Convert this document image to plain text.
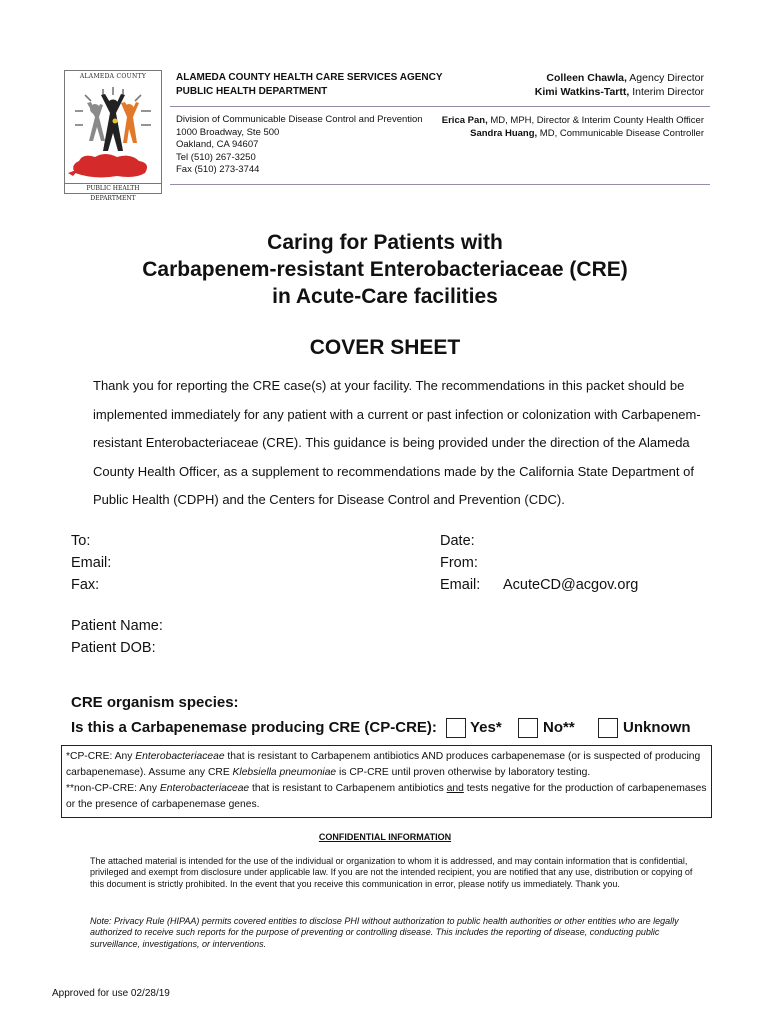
ALAMEDA COUNTY
PUBLIC HEALTH DEPARTMENT
ALAMEDA COUNTY HEALTH CARE SERVICES AGENCY
PUBLIC HEALTH DEPARTMENT
Colleen Chawla, Agency Director
Kimi Watkins-Tartt, Interim Director
Division of Communicable Disease Control and Prevention
1000 Broadway, Ste 500
Oakland, CA 94607
Tel (510) 267-3250
Fax (510) 273-3744
Erica Pan, MD, MPH, Director & Interim County Health Officer
Sandra Huang, MD, Communicable Disease Controller
Caring for Patients with
Carbapenem-resistant Enterobacteriaceae (CRE)
in Acute-Care facilities
COVER SHEET
Thank you for reporting the CRE case(s) at your facility. The recommendations in this packet should be implemented immediately for any patient with a current or past infection or colonization with Carbapenem-resistant Enterobacteriaceae (CRE). This guidance is being provided under the direction of the Alameda County Health Officer, as a supplement to recommendations made by the California State Department of Public Health (CDPH) and the Centers for Disease Control and Prevention (CDC).
To:
Email:
Fax:
Date:
From:
Email: AcuteCD@acgov.org
Patient Name:
Patient DOB:
CRE organism species:
Is this a Carbapenemase producing CRE (CP-CRE): Yes*	No**	Unknown
*CP-CRE: Any Enterobacteriaceae that is resistant to Carbapenem antibiotics AND produces carbapenemase (or is suspected of producing carbapenemase). Assume any CRE Klebsiella pneumoniae is CP-CRE until proven otherwise by laboratory testing.
**non-CP-CRE: Any Enterobacteriaceae that is resistant to Carbapenem antibiotics and tests negative for the production of carbapenemases or the presence of carbapenemase genes.
CONFIDENTIAL INFORMATION
The attached material is intended for the use of the individual or organization to whom it is addressed, and may contain information that is confidential, privileged and exempt from disclosure under applicable law. If you are not the intended recipient, you are notified that any use, distribution or copying of this document is strictly prohibited. In the event that you receive this communication in error, please notify us immediately. Thank you.
Note: Privacy Rule (HIPAA) permits covered entities to disclose PHI without authorization to public health authorities or other entities who are legally authorized to receive such reports for the purpose of preventing or controlling disease. This includes the reporting of disease, conducting public surveillance, investigations, or interventions.
Approved for use 02/28/19
